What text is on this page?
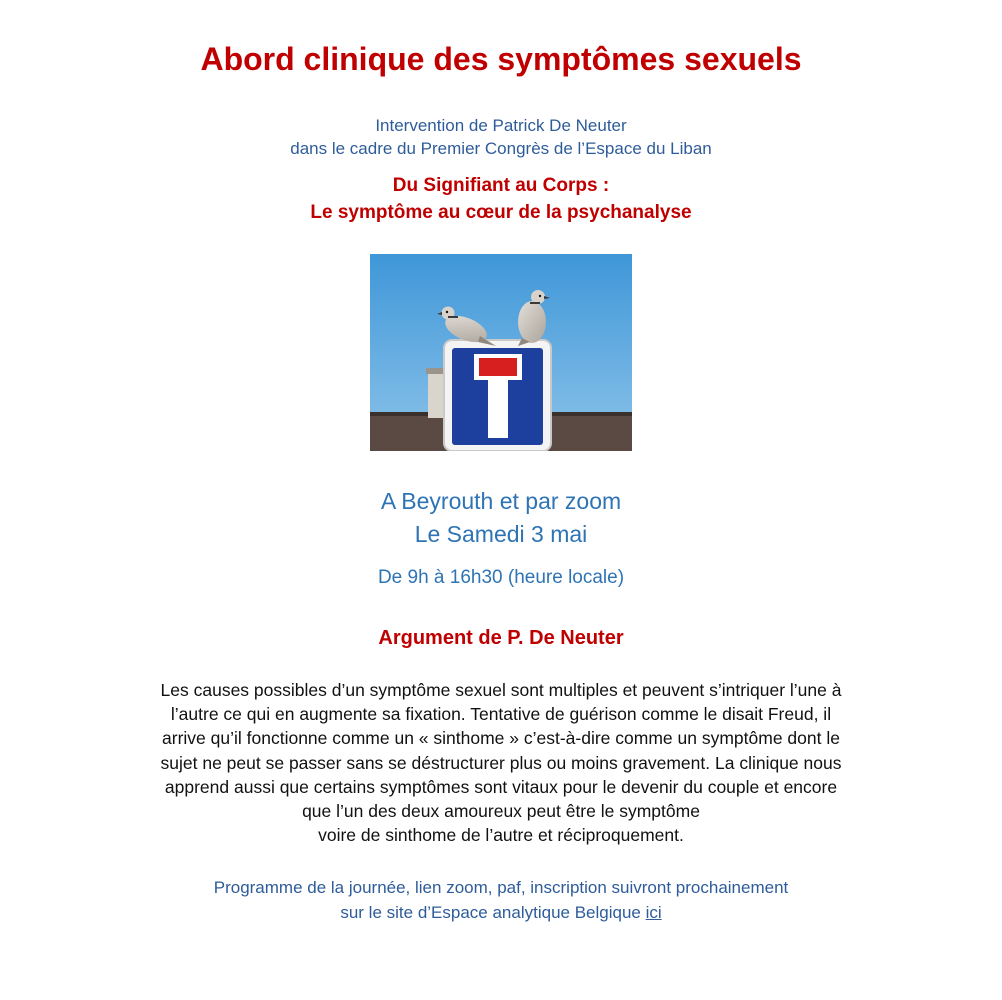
Abord clinique des symptômes sexuels
Intervention de Patrick De Neuter
dans le cadre du Premier Congrès de l’Espace du Liban
Du Signifiant au Corps :
Le symptôme au cœur de la psychanalyse
A Beyrouth et par zoom
Le Samedi 3 mai
De 9h à 16h30 (heure locale)
Argument de P. De Neuter
Les causes possibles d’un symptôme sexuel sont multiples et peuvent s’intriquer l’une à
l’autre ce qui en augmente sa fixation. Tentative de guérison comme le disait Freud, il
arrive qu’il fonctionne comme un « sinthome » c’est-à-dire comme un symptôme dont le
sujet ne peut se passer sans se déstructurer plus ou moins gravement. La clinique nous
apprend aussi que certains symptômes sont vitaux pour le devenir du couple et encore
que l’un des deux amoureux peut être le symptôme
voire de sinthome de l’autre et réciproquement.
Programme de la journée, lien zoom, paf, inscription suivront prochainement
sur le site d’Espace analytique Belgique ici
